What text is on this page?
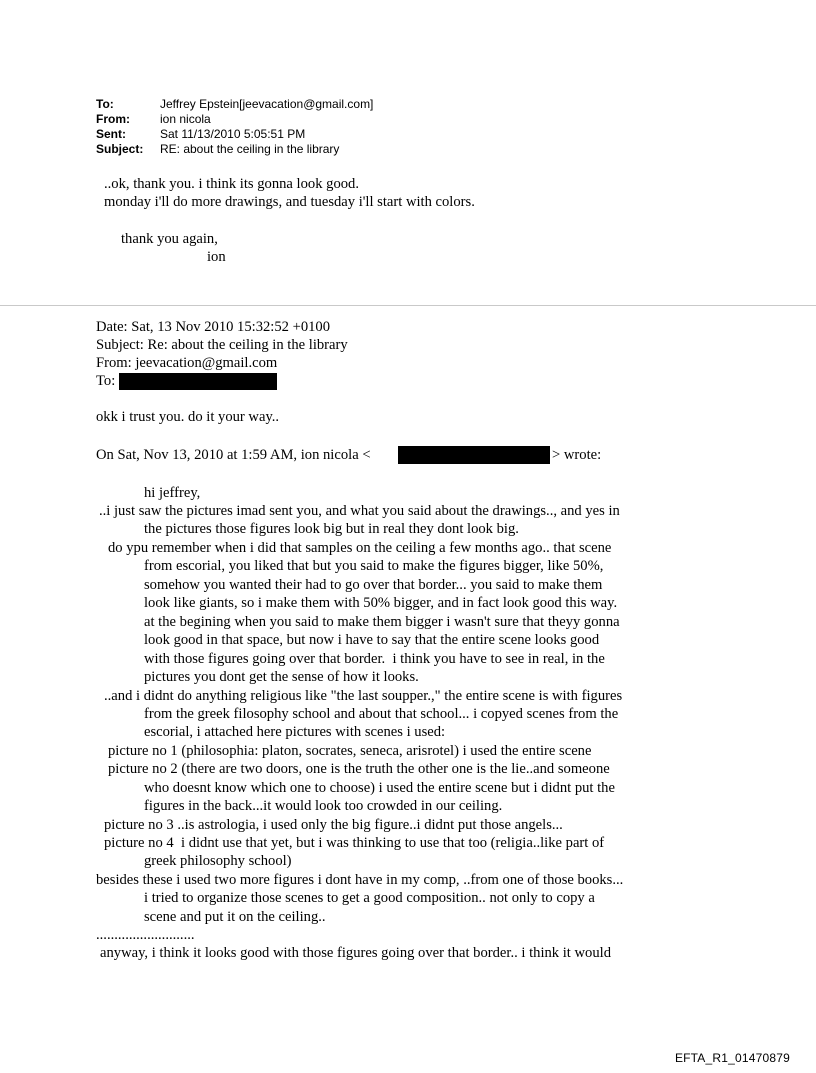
To:	Jeffrey Epstein[jeevacation@gmail.com]
From:	ion nicola
Sent:	Sat 11/13/2010 5:05:51 PM
Subject:	RE: about the ceiling in the library
..ok, thank you. i think its gonna look good.
monday i'll do more drawings, and tuesday i'll start with colors.
thank you again,
ion
Date: Sat, 13 Nov 2010 15:32:52 +0100
Subject: Re: about the ceiling in the library
From: jeevacation@gmail.com
To:
okk i trust you. do it your way..
On Sat, Nov 13, 2010 at 1:59 AM, ion nicola <	> wrote:
hi jeffrey,
..i just saw the pictures imad sent you, and what you said about the drawings.., and yes in
the pictures those figures look big but in real they dont look big.
do ypu remember when i did that samples on the ceiling a few months ago.. that scene
from escorial, you liked that but you said to make the figures bigger, like 50%,
somehow you wanted their had to go over that border... you said to make them
look like giants, so i make them with 50% bigger, and in fact look good this way.
at the begining when you said to make them bigger i wasn't sure that theyy gonna
look good in that space, but now i have to say that the entire scene looks good
with those figures going over that border.  i think you have to see in real, in the
pictures you dont get the sense of how it looks.
..and i didnt do anything religious like "the last soupper.," the entire scene is with figures
from the greek filosophy school and about that school... i copyed scenes from the
escorial, i attached here pictures with scenes i used:
picture no 1 (philosophia: platon, socrates, seneca, arisrotel) i used the entire scene
picture no 2 (there are two doors, one is the truth the other one is the lie..and someone
who doesnt know which one to choose) i used the entire scene but i didnt put the
figures in the back...it would look too crowded in our ceiling.
picture no 3 ..is astrologia, i used only the big figure..i didnt put those angels...
picture no 4  i didnt use that yet, but i was thinking to use that too (religia..like part of
greek philosophy school)
besides these i used two more figures i dont have in my comp, ..from one of those books...
i tried to organize those scenes to get a good composition.. not only to copy a
scene and put it on the ceiling..
...........................
anyway, i think it looks good with those figures going over that border.. i think it would
EFTA_R1_01470879
